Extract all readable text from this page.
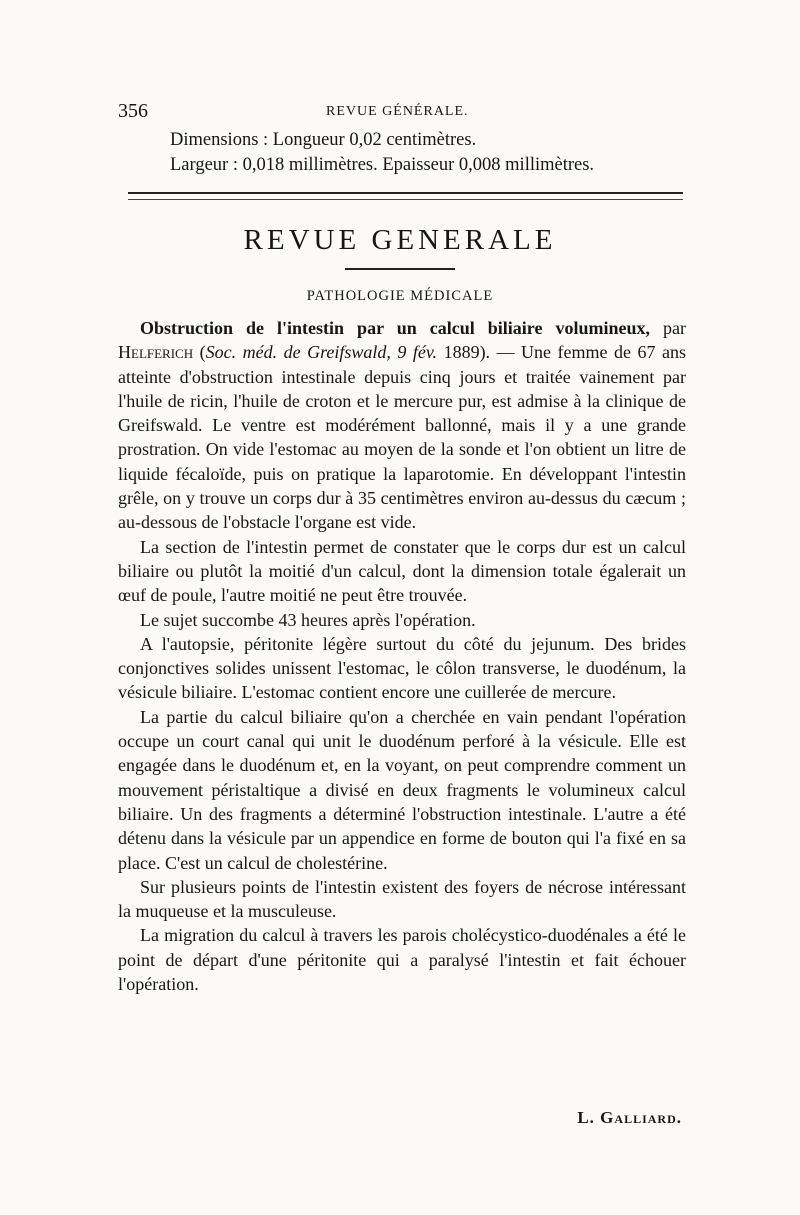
356	REVUE GÉNÉRALE.
Dimensions : Longueur 0,02 centimètres.
Largeur : 0,018 millimètres. Epaisseur 0,008 millimètres.
REVUE GENERALE
PATHOLOGIE MÉDICALE

Obstruction de l'intestin par un calcul biliaire volumineux, par Helferich (Soc. méd. de Greifswald, 9 fév. 1889). — Une femme de 67 ans atteinte d'obstruction intestinale depuis cinq jours et traitée vainement par l'huile de ricin, l'huile de croton et le mercure pur, est admise à la clinique de Greifswald. Le ventre est modérément ballonné, mais il y a une grande prostration. On vide l'estomac au moyen de la sonde et l'on obtient un litre de liquide fécaloïde, puis on pratique la laparotomie. En développant l'intestin grêle, on y trouve un corps dur à 35 centimètres environ au-dessus du cæcum ; au-dessous de l'obstacle l'organe est vide.

La section de l'intestin permet de constater que le corps dur est un calcul biliaire ou plutôt la moitié d'un calcul, dont la dimension totale égalerait un œuf de poule, l'autre moitié ne peut être trouvée.

Le sujet succombe 43 heures après l'opération.

A l'autopsie, péritonite légère surtout du côté du jejunum. Des brides conjonctives solides unissent l'estomac, le côlon transverse, le duodénum, la vésicule biliaire. L'estomac contient encore une cuillerée de mercure.

La partie du calcul biliaire qu'on a cherchée en vain pendant l'opération occupe un court canal qui unit le duodénum perforé à la vésicule. Elle est engagée dans le duodénum et, en la voyant, on peut comprendre comment un mouvement péristaltique a divisé en deux fragments le volumineux calcul biliaire. Un des fragments a déterminé l'obstruction intestinale. L'autre a été détenu dans la vésicule par un appendice en forme de bouton qui l'a fixé en sa place. C'est un calcul de cholestérine.

Sur plusieurs points de l'intestin existent des foyers de nécrose intéressant la muqueuse et la musculeuse.

La migration du calcul à travers les parois cholécystico-duodénales a été le point de départ d'une péritonite qui a paralysé l'intestin et fait échouer l'opération.

L. Galliard.
